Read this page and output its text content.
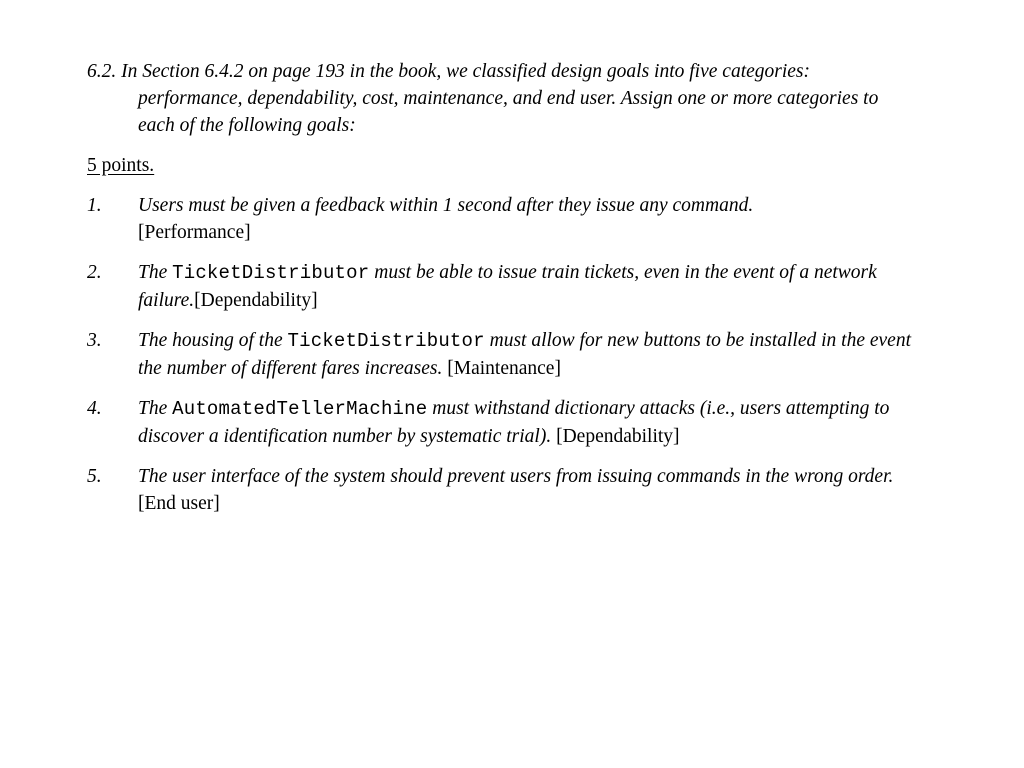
6.2. In Section 6.4.2 on page 193 in the book, we classified design goals into five categories: performance, dependability, cost, maintenance, and end user. Assign one or more categories to each of the following goals:

5 points.

1. Users must be given a feedback within 1 second after they issue any command.
[Performance]
2. The TicketDistributor must be able to issue train tickets, even in the event of a network failure.[Dependability]
3. The housing of the TicketDistributor must allow for new buttons to be installed in the event the number of different fares increases. [Maintenance]
4. The AutomatedTellerMachine must withstand dictionary attacks (i.e., users attempting to discover a identification number by systematic trial). [Dependability]
5. The user interface of the system should prevent users from issuing commands in the wrong order. [End user]
